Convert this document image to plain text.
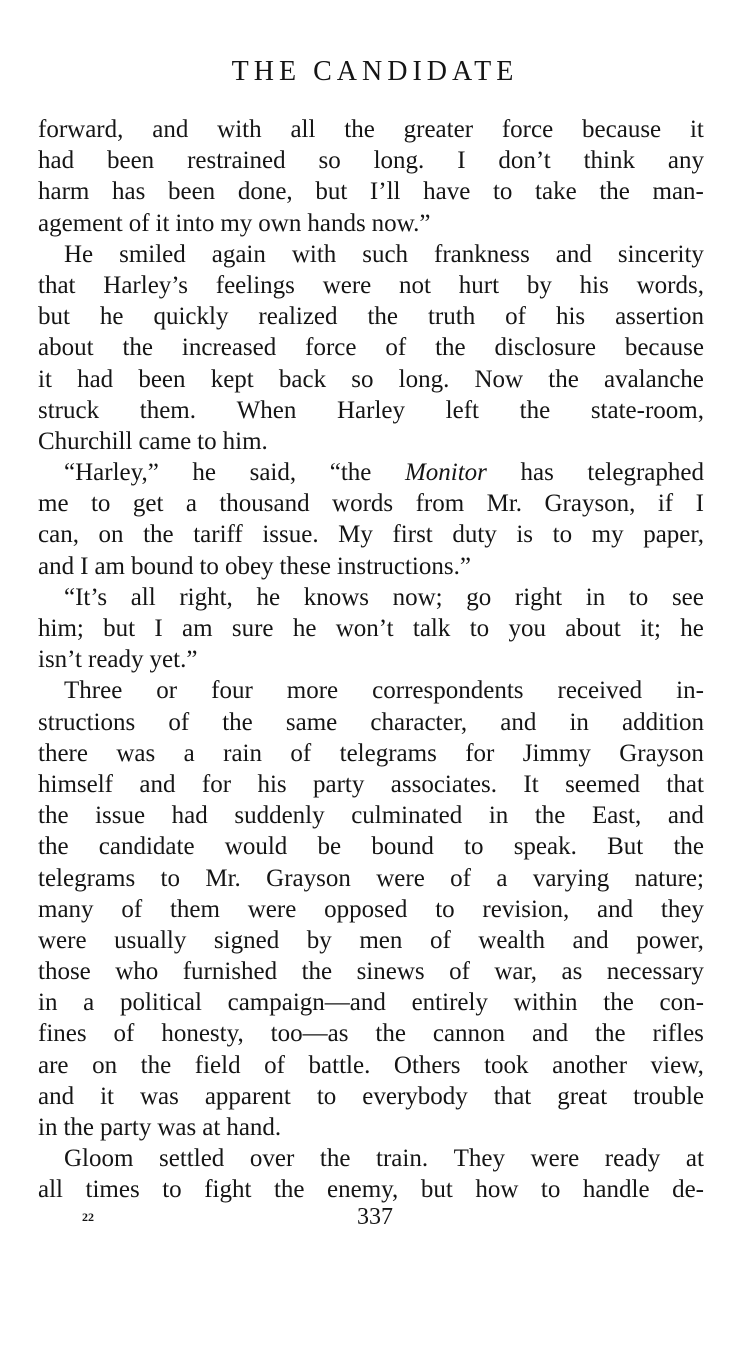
THE CANDIDATE
forward, and with all the greater force because it
had been restrained so long. I don’t think any
harm has been done, but I’ll have to take the man-
agement of it into my own hands now.”
He smiled again with such frankness and sincerity
that Harley’s feelings were not hurt by his words,
but he quickly realized the truth of his assertion
about the increased force of the disclosure because
it had been kept back so long. Now the avalanche
struck them. When Harley left the state-room,
Churchill came to him.
“Harley,” he said, “the Monitor has telegraphed
me to get a thousand words from Mr. Grayson, if I
can, on the tariff issue. My first duty is to my paper,
and I am bound to obey these instructions.”
“It’s all right, he knows now; go right in to see
him; but I am sure he won’t talk to you about it; he
isn’t ready yet.”
Three or four more correspondents received in-
structions of the same character, and in addition
there was a rain of telegrams for Jimmy Grayson
himself and for his party associates. It seemed that
the issue had suddenly culminated in the East, and
the candidate would be bound to speak. But the
telegrams to Mr. Grayson were of a varying nature;
many of them were opposed to revision, and they
were usually signed by men of wealth and power,
those who furnished the sinews of war, as necessary
in a political campaign—and entirely within the con-
fines of honesty, too—as the cannon and the rifles
are on the field of battle. Others took another view,
and it was apparent to everybody that great trouble
in the party was at hand.
Gloom settled over the train. They were ready at
all times to fight the enemy, but how to handle de-
22	337
